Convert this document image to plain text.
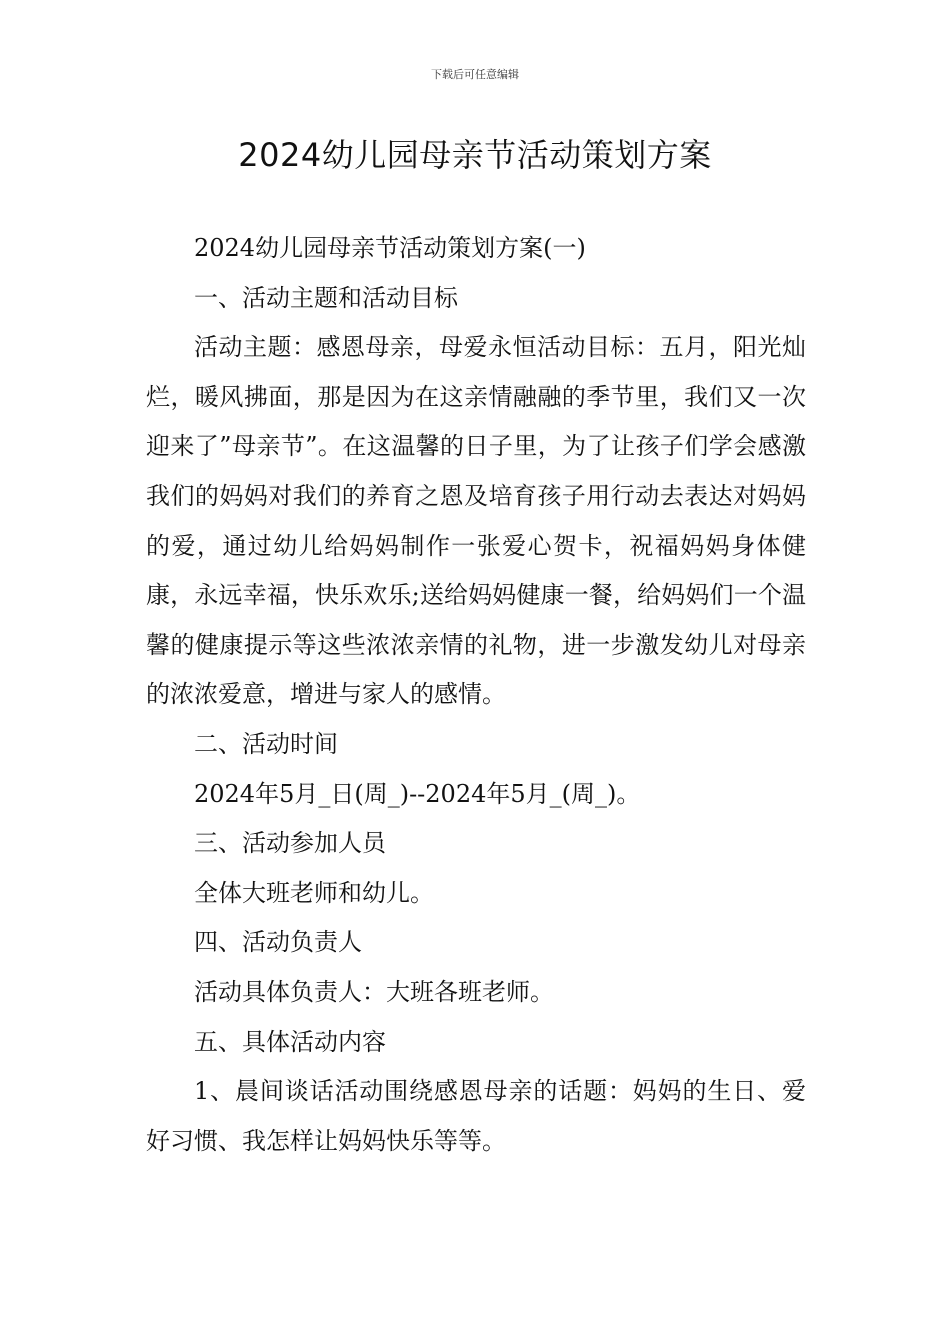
下载后可任意编辑
2024幼儿园母亲节活动策划方案

2024幼儿园母亲节活动策划方案(一)

一、活动主题和活动目标

活动主题：感恩母亲，母爱永恒活动目标：五月，阳光灿烂，暖风拂面，那是因为在这亲情融融的季节里，我们又一次迎来了”母亲节”。在这温馨的日子里，为了让孩子们学会感激我们的妈妈对我们的养育之恩及培育孩子用行动去表达对妈妈的爱，通过幼儿给妈妈制作一张爱心贺卡，祝福妈妈身体健康，永远幸福，快乐欢乐;送给妈妈健康一餐，给妈妈们一个温馨的健康提示等这些浓浓亲情的礼物，进一步激发幼儿对母亲的浓浓爱意，增进与家人的感情。

二、活动时间

2024年5月_日(周_)--2024年5月_(周_)。

三、活动参加人员

全体大班老师和幼儿。

四、活动负责人

活动具体负责人：大班各班老师。

五、具体活动内容

1、晨间谈话活动围绕感恩母亲的话题：妈妈的生日、爱好习惯、我怎样让妈妈快乐等等。
